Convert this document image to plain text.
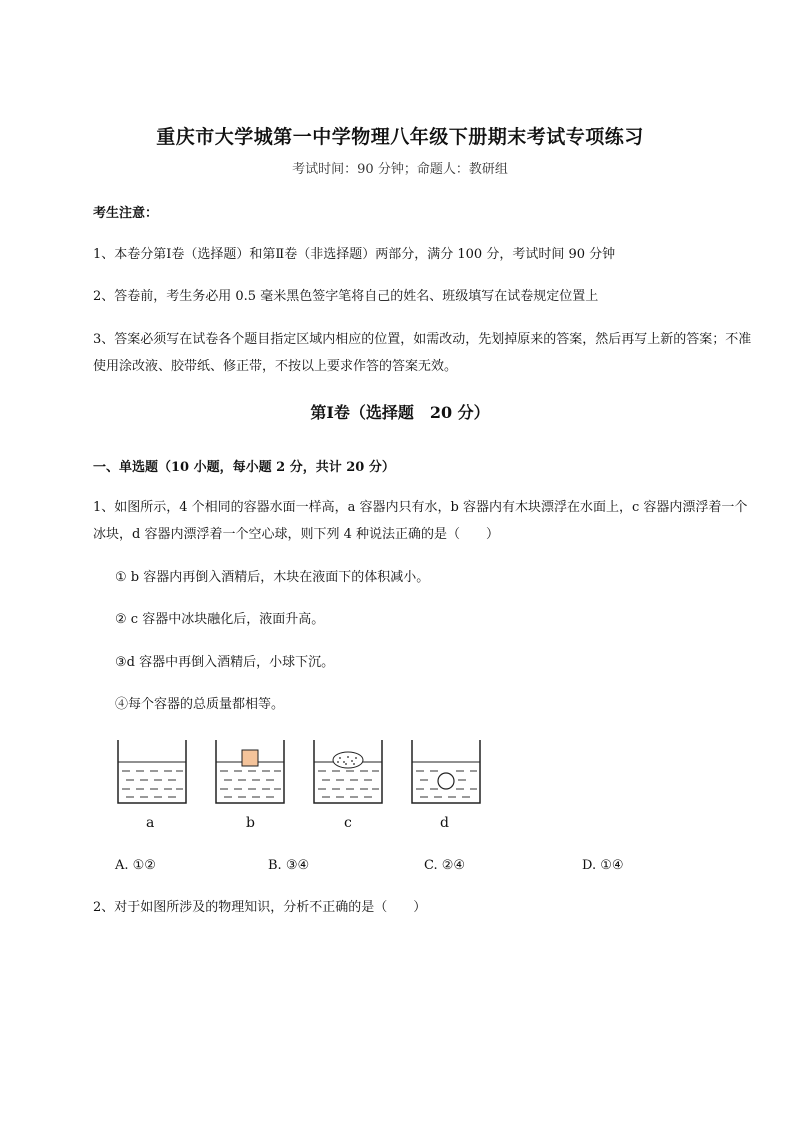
重庆市大学城第一中学物理八年级下册期末考试专项练习
考试时间：90 分钟；命题人：教研组
考生注意：
1、本卷分第Ⅰ卷（选择题）和第Ⅱ卷（非选择题）两部分，满分 100 分，考试时间 90 分钟
2、答卷前，考生务必用 0.5 毫米黑色签字笔将自己的姓名、班级填写在试卷规定位置上
3、答案必须写在试卷各个题目指定区域内相应的位置，如需改动，先划掉原来的答案，然后再写上新的答案；不准使用涂改液、胶带纸、修正带，不按以上要求作答的答案无效。
第Ⅰ卷（选择题　20 分）
一、单选题（10 小题，每小题 2 分，共计 20 分）
1、如图所示，4 个相同的容器水面一样高，a 容器内只有水，b 容器内有木块漂浮在水面上，c 容器内漂浮着一个冰块，d 容器内漂浮着一个空心球，则下列 4 种说法正确的是（　　）
① b 容器内再倒入酒精后，木块在液面下的体积减小。
② c 容器中冰块融化后，液面升高。
③d 容器中再倒入酒精后，小球下沉。
④每个容器的总质量都相等。
a	b	c	d
A. ①②	B. ③④	C. ②④	D. ①④
2、对于如图所涉及的物理知识，分析不正确的是（　　）
